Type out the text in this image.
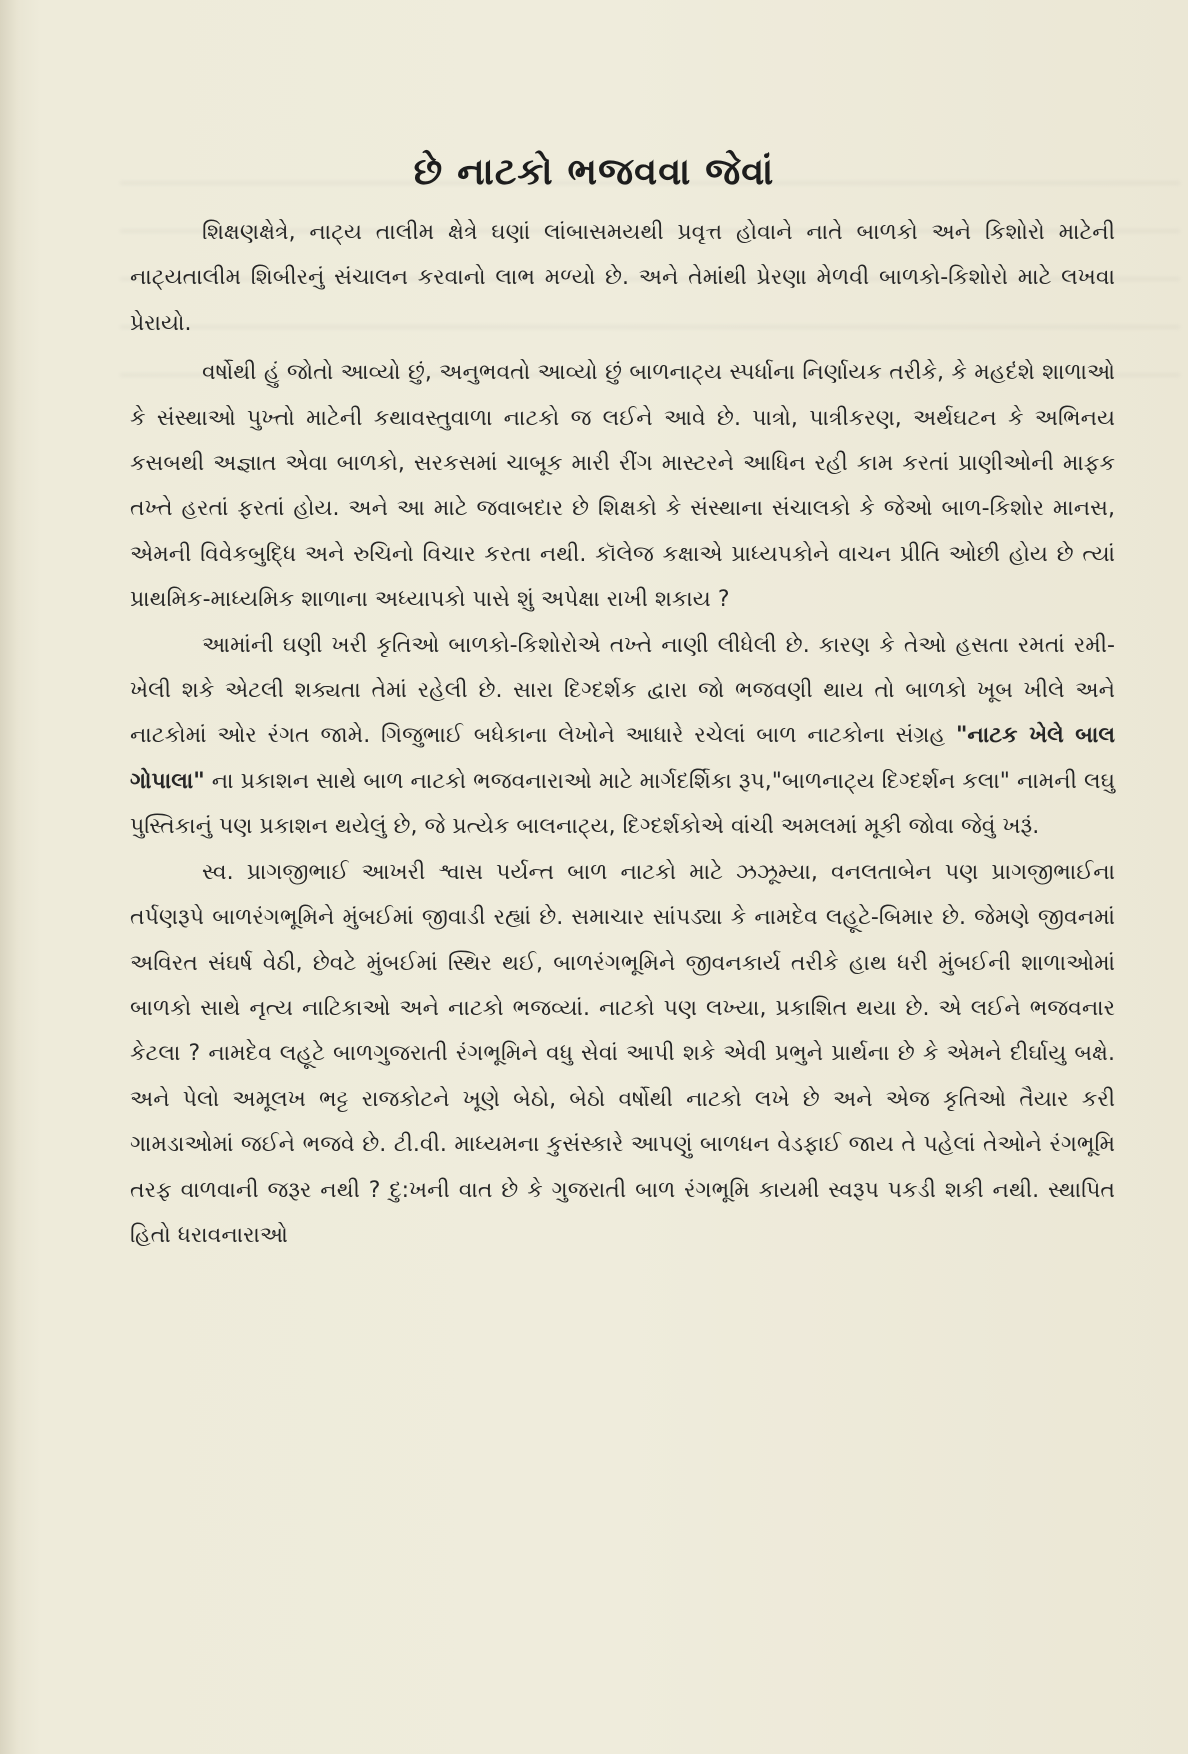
છે નાટકો ભજવવા જેવાં

શિક્ષણક્ષેત્રે, નાટ્ય તાલીમ ક્ષેત્રે ઘણાં લાંબાસમયથી પ્રવૃત્ત હોવાને નાતે બાળકો અને કિશોરો માટેની નાટ્યતાલીમ શિબીરનું સંચાલન કરવાનો લાભ મળ્યો છે. અને તેમાંથી પ્રેરણા મેળવી બાળકો-કિશોરો માટે લખવા પ્રેરાયો.

વર્ષોથી હું જોતો આવ્યો છું, અનુભવતો આવ્યો છું બાળનાટ્ય સ્પર્ધાના નિર્ણાયક તરીકે, કે મહદંશે શાળાઓ કે સંસ્થાઓ પુખ્તો માટેની કથાવસ્તુવાળા નાટકો જ લઈને આવે છે. પાત્રો, પાત્રીકરણ, અર્થઘટન કે અભિનય કસબથી અજ્ઞાત એવા બાળકો, સરકસમાં ચાબૂક મારી રીંગ માસ્ટરને આધિન રહી કામ કરતાં પ્રાણીઓની માફક તખ્તે હરતાં ફરતાં હોય. અને આ માટે જવાબદાર છે શિક્ષકો કે સંસ્થાના સંચાલકો કે જેઓ બાળ-કિશોર માનસ, એમની વિવેકબુદ્ધિ અને રુચિનો વિચાર કરતા નથી. કૉલેજ કક્ષાએ પ્રાધ્યપકોને વાચન પ્રીતિ ઓછી હોય છે ત્યાં પ્રાથમિક-માધ્યમિક શાળાના અધ્યાપકો પાસે શું અપેક્ષા રાખી શકાય ?

આમાંની ઘણી ખરી કૃતિઓ બાળકો-કિશોરોએ તખ્તે નાણી લીધેલી છે. કારણ કે તેઓ હસતા રમતાં રમી-ખેલી શકે એટલી શક્યતા તેમાં રહેલી છે. સારા દિગ્દર્શક દ્વારા જો ભજવણી થાય તો બાળકો ખૂબ ખીલે અને નાટકોમાં ઓર રંગત જામે. ગિજુભાઈ બધેકાના લેખોને આધારે રચેલાં બાળ નાટકોના સંગ્રહ "નાટક ખેલે બાલ ગોપાલા" ના પ્રકાશન સાથે બાળ નાટકો ભજવનારાઓ માટે માર્ગદર્શિકા રૂપ,"બાળનાટ્ય દિગ્દર્શન કલા" નામની લઘુ પુસ્તિકાનું પણ પ્રકાશન થયેલું છે, જે પ્રત્યેક બાલનાટ્ય, દિગ્દર્શકોએ વાંચી અમલમાં મૂકી જોવા જેવું ખરૂં.

સ્વ. પ્રાગજીભાઈ આખરી શ્વાસ પર્યન્ત બાળ નાટકો માટે ઝઝૂમ્યા, વનલતાબેન પણ પ્રાગજીભાઈના તર્પણરૂપે બાળરંગભૂમિને મુંબઈમાં જીવાડી રહ્યાં છે. સમાચાર સાંપડ્યા કે નામદેવ લહૂટે-બિમાર છે. જેમણે જીવનમાં અવિરત સંઘર્ષ વેઠી, છેવટે મુંબઈમાં સ્થિર થઈ, બાળરંગભૂમિને જીવનકાર્ય તરીકે હાથ ધરી મુંબઈની શાળાઓમાં બાળકો સાથે નૃત્ય નાટિકાઓ અને નાટકો ભજવ્યાં. નાટકો પણ લખ્યા, પ્રકાશિત થયા છે. એ લઈને ભજવનાર કેટલા ? નામદેવ લહૂટે બાળગુજરાતી રંગભૂમિને વધુ સેવાં આપી શકે એવી પ્રભુને પ્રાર્થના છે કે એમને દીર્ઘાયુ બક્ષે. અને પેલો અમૂલખ ભટ્ટ રાજકોટને ખૂણે બેઠો, બેઠો વર્ષોથી નાટકો લખે છે અને એજ કૃતિઓ તૈયાર કરી ગામડાઓમાં જઈને ભજવે છે. ટી.વી. માધ્યમના કુસંસ્કારે આપણું બાળધન વેડફાઈ જાય તે પહેલાં તેઓને રંગભૂમિ તરફ વાળવાની જરૂર નથી ? દુ:ખની વાત છે કે ગુજરાતી બાળ રંગભૂમિ કાયમી સ્વરૂપ પકડી શકી નથી. સ્થાપિત હિતો ધરાવનારાઓ
